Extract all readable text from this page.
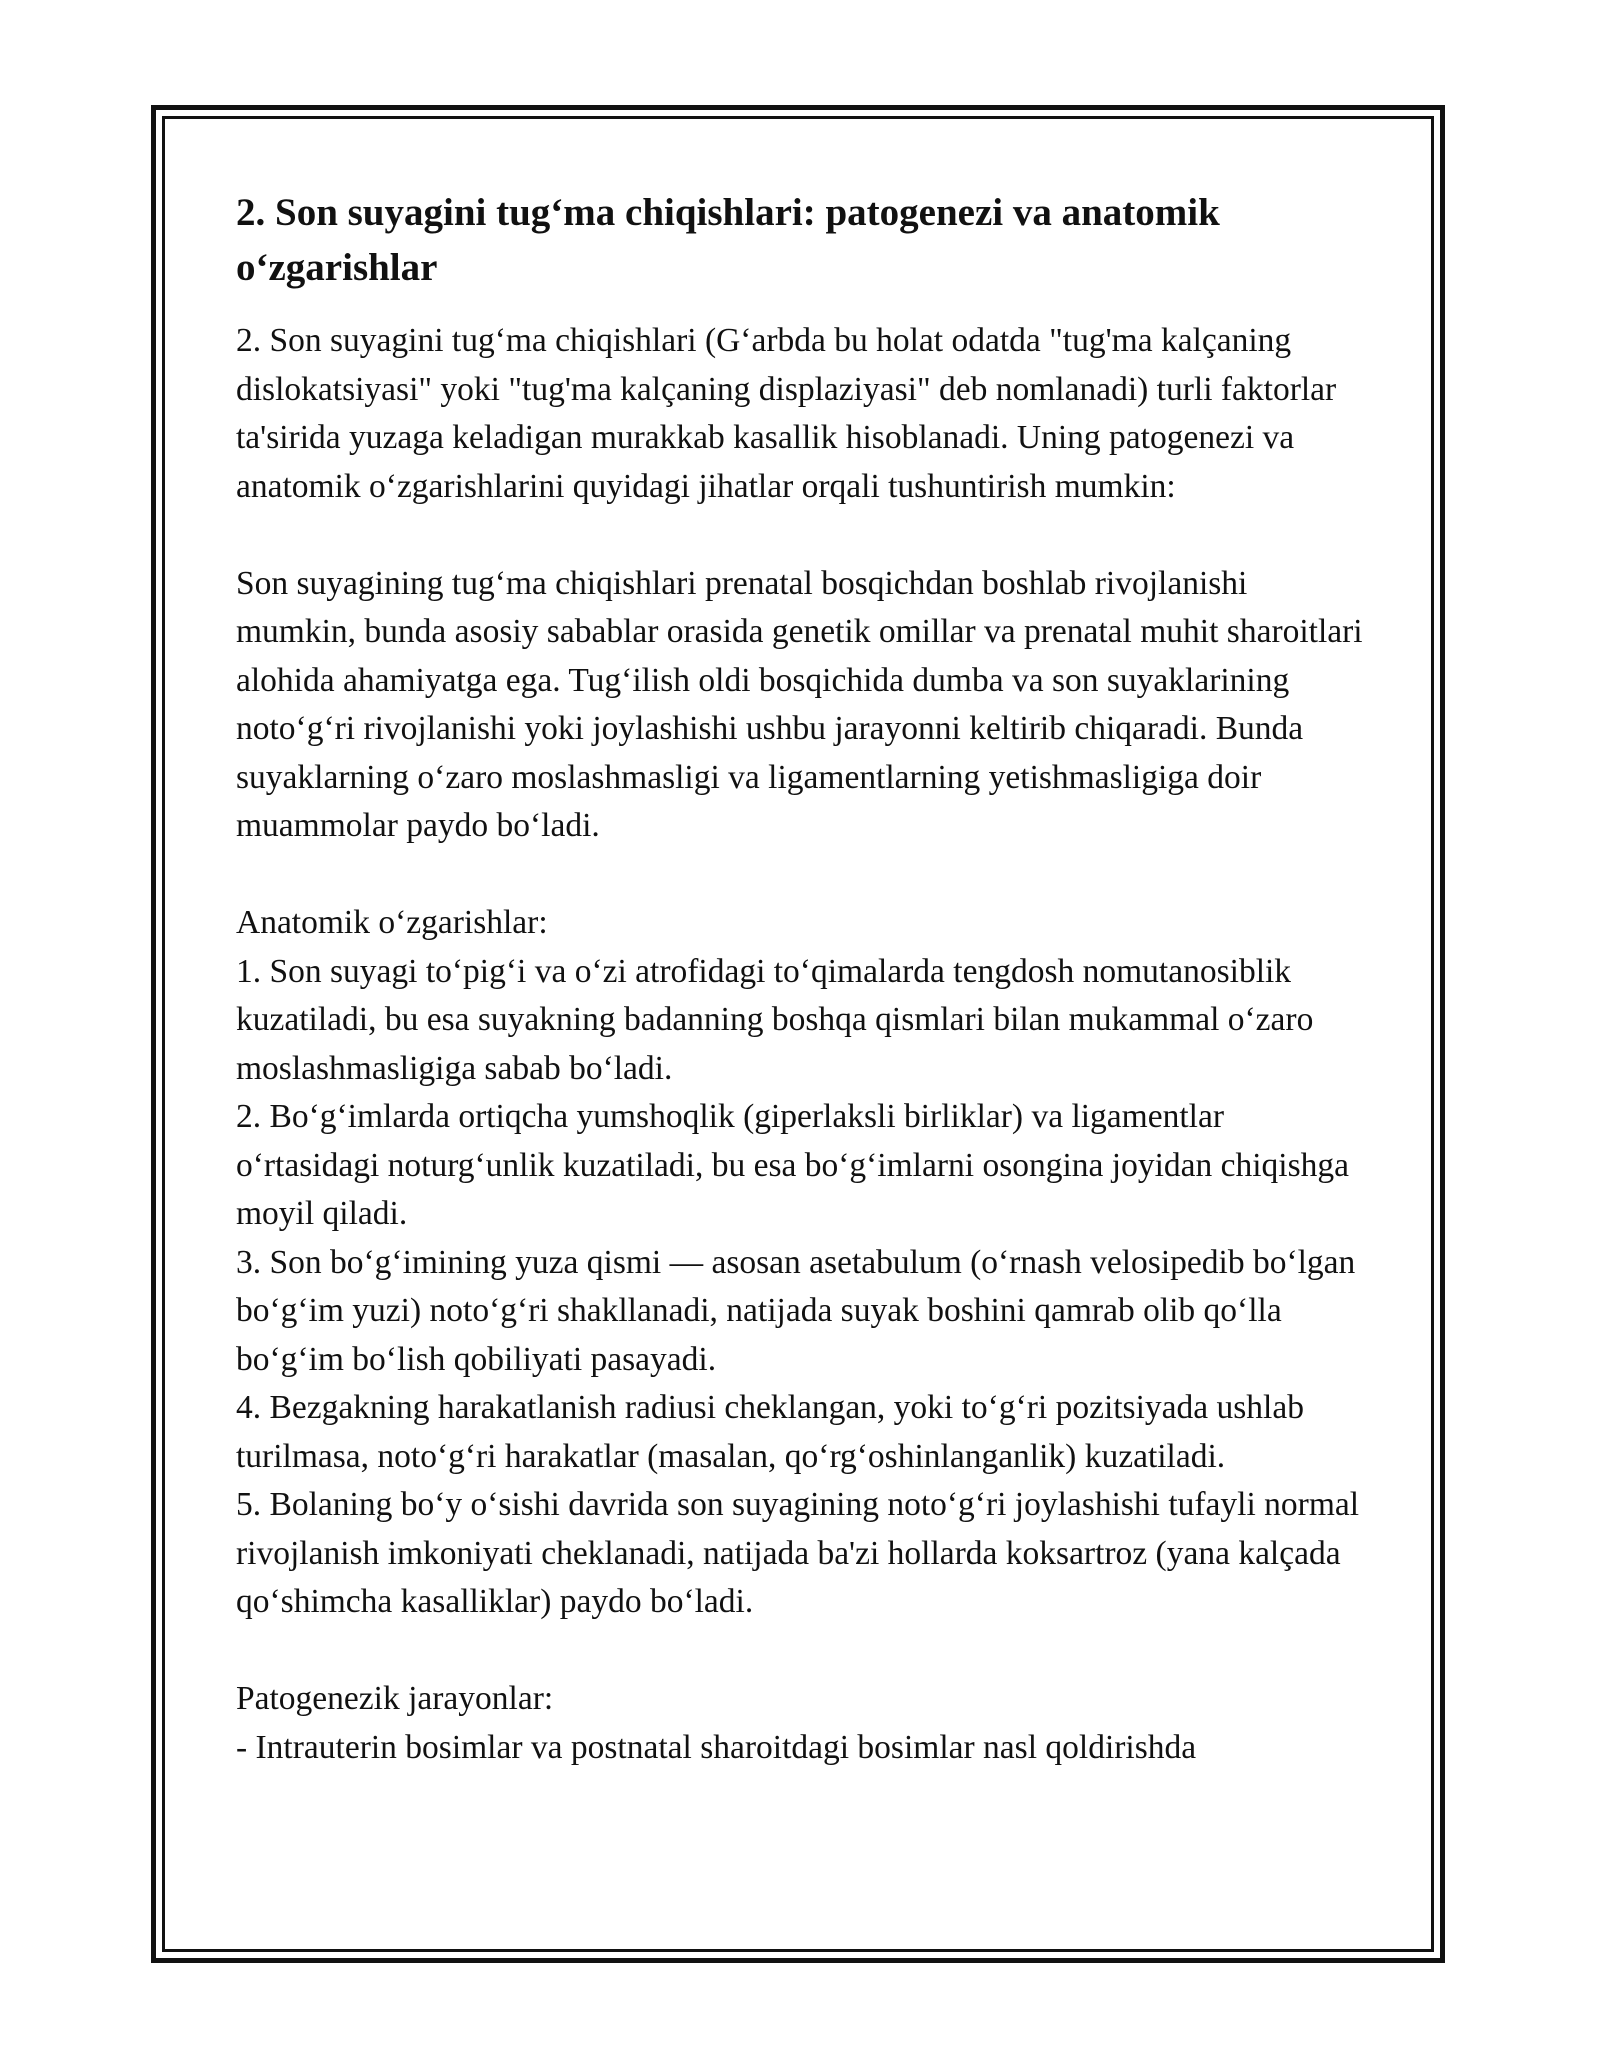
2. Son suyagini tug‘ma chiqishlari: patogenezi va anatomik o‘zgarishlar

2. Son suyagini tug‘ma chiqishlari (G‘arbda bu holat odatda "tug'ma kalçaning dislokatsiyasi" yoki "tug'ma kalçaning displaziyasi" deb nomlanadi) turli faktorlar ta'sirida yuzaga keladigan murakkab kasallik hisoblanadi. Uning patogenezi va anatomik o‘zgarishlarini quyidagi jihatlar orqali tushuntirish mumkin:

Son suyagining tug‘ma chiqishlari prenatal bosqichdan boshlab rivojlanishi mumkin, bunda asosiy sabablar orasida genetik omillar va prenatal muhit sharoitlari alohida ahamiyatga ega. Tug‘ilish oldi bosqichida dumba va son suyaklarining noto‘g‘ri rivojlanishi yoki joylashishi ushbu jarayonni keltirib chiqaradi. Bunda suyaklarning o‘zaro moslashmasligi va ligamentlarning yetishmasligiga doir muammolar paydo bo‘ladi.

Anatomik o‘zgarishlar:
1. Son suyagi to‘pig‘i va o‘zi atrofidagi to‘qimalarda tengdosh nomutanosiblik kuzatiladi, bu esa suyakning badanning boshqa qismlari bilan mukammal o‘zaro moslashmasligiga sabab bo‘ladi.
2. Bo‘g‘imlarda ortiqcha yumshoqlik (giperlaksli birliklar) va ligamentlar o‘rtasidagi noturg‘unlik kuzatiladi, bu esa bo‘g‘imlarni osongina joyidan chiqishga moyil qiladi.
3. Son bo‘g‘imining yuza qismi — asosan asetabulum (o‘rnash velosipedib bo‘lgan bo‘g‘im yuzi) noto‘g‘ri shakllanadi, natijada suyak boshini qamrab olib qo‘lla bo‘g‘im bo‘lish qobiliyati pasayadi.
4. Bezgakning harakatlanish radiusi cheklangan, yoki to‘g‘ri pozitsiyada ushlab turilmasa, noto‘g‘ri harakatlar (masalan, qo‘rg‘oshinlanganlik) kuzatiladi.
5. Bolaning bo‘y o‘sishi davrida son suyagining noto‘g‘ri joylashishi tufayli normal rivojlanish imkoniyati cheklanadi, natijada ba'zi hollarda koksartroz (yana kalçada qo‘shimcha kasalliklar) paydo bo‘ladi.
Patogenezik jarayonlar:
- Intrauterin bosimlar va postnatal sharoitdagi bosimlar nasl qoldirishda
